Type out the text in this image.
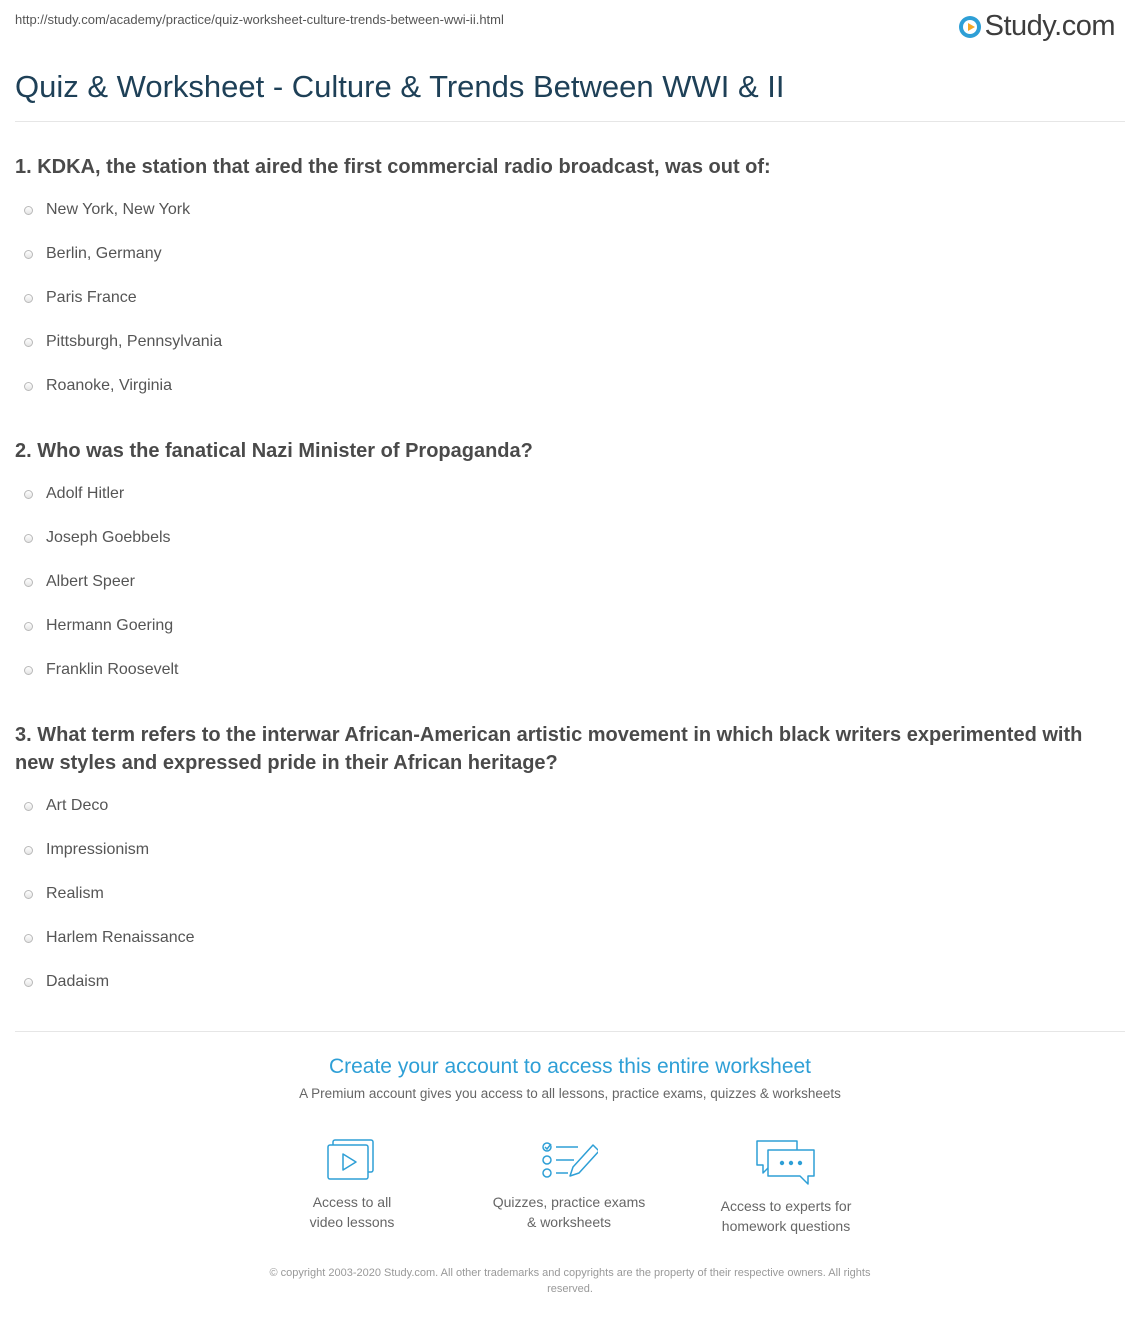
http://study.com/academy/practice/quiz-worksheet-culture-trends-between-wwi-ii.html	Study.com
Quiz & Worksheet - Culture & Trends Between WWI & II
1. KDKA, the station that aired the first commercial radio broadcast, was out of:
New York, New York
Berlin, Germany
Paris France
Pittsburgh, Pennsylvania
Roanoke, Virginia
2. Who was the fanatical Nazi Minister of Propaganda?
Adolf Hitler
Joseph Goebbels
Albert Speer
Hermann Goering
Franklin Roosevelt
3. What term refers to the interwar African-American artistic movement in which black writers experimented with new styles and expressed pride in their African heritage?
Art Deco
Impressionism
Realism
Harlem Renaissance
Dadaism
Create your account to access this entire worksheet
A Premium account gives you access to all lessons, practice exams, quizzes & worksheets
Access to all
video lessons
Quizzes, practice exams
& worksheets
Access to experts for
homework questions
© copyright 2003-2020 Study.com. All other trademarks and copyrights are the property of their respective owners. All rights
reserved.
